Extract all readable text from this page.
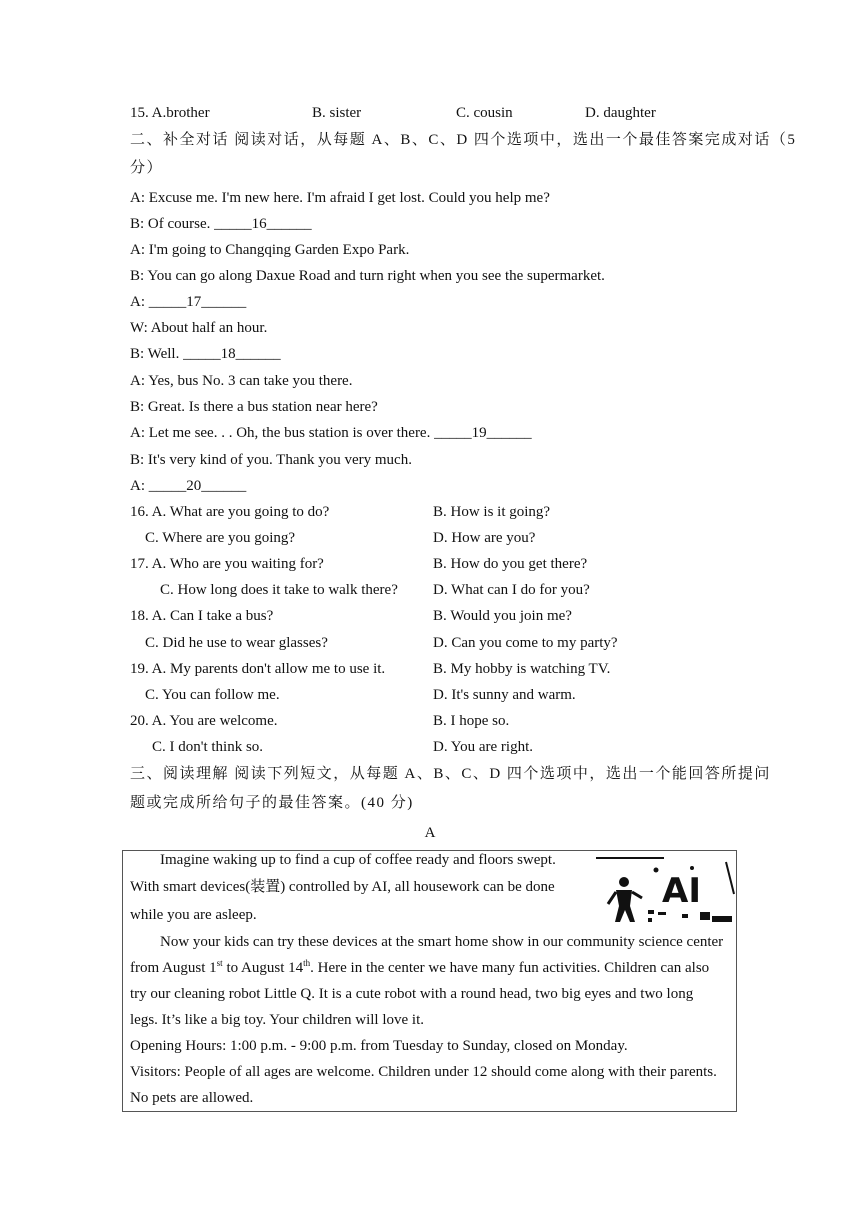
15. A.brother	B. sister	C. cousin	D. daughter
二、补全对话 阅读对话，从每题 A、B、C、D 四个选项中，选出一个最佳答案完成对话（5
分）
A: Excuse me. I'm new here. I'm afraid I get lost. Could you help me?
B: Of course. _____16______
A: I'm going to Changqing Garden Expo Park.
B: You can go along Daxue Road and turn right when you see the supermarket.
A: _____17______
W: About half an hour.
B: Well. _____18______
A: Yes, bus No. 3 can take you there.
B: Great. Is there a bus station near here?
A: Let me see. . . Oh, the bus station is over there. _____19______
B: It's very kind of you. Thank you very much.
A: _____20______
16. A. What are you going to do?	B. How is it going?
C. Where are you going?	D. How are you?
17. A. Who are you waiting for?	B. How do you get there?
C. How long does it take to walk there? D. What can I do for you?
18. A. Can I take a bus?	B. Would you join me?
C. Did he use to wear glasses?	D. Can you come to my party?
19. A. My parents don't allow me to use it.	B. My hobby is watching TV.
C. You can follow me.	D. It's sunny and warm.
20. A. You are welcome.	B. I hope so.
C. I don't think so.	D. You are right.
三、阅读理解 阅读下列短文，从每题 A、B、C、D 四个选项中，选出一个能回答所提问
题或完成所给句子的最佳答案。(40 分)
A
AI
Imagine waking up to find a cup of coffee ready and floors swept.
With smart devices(装置) controlled by AI, all housework can be done
while you are asleep.
Now your kids can try these devices at the smart home show in our community science center
from August 1st to August 14th. Here in the center we have many fun activities. Children can also
try our cleaning robot Little Q. It is a cute robot with a round head, two big eyes and two long
legs. It’s like a big toy. Your children will love it.
Opening Hours: 1:00 p.m. - 9:00 p.m. from Tuesday to Sunday, closed on Monday.
Visitors: People of all ages are welcome. Children under 12 should come along with their parents.
No pets are allowed.
